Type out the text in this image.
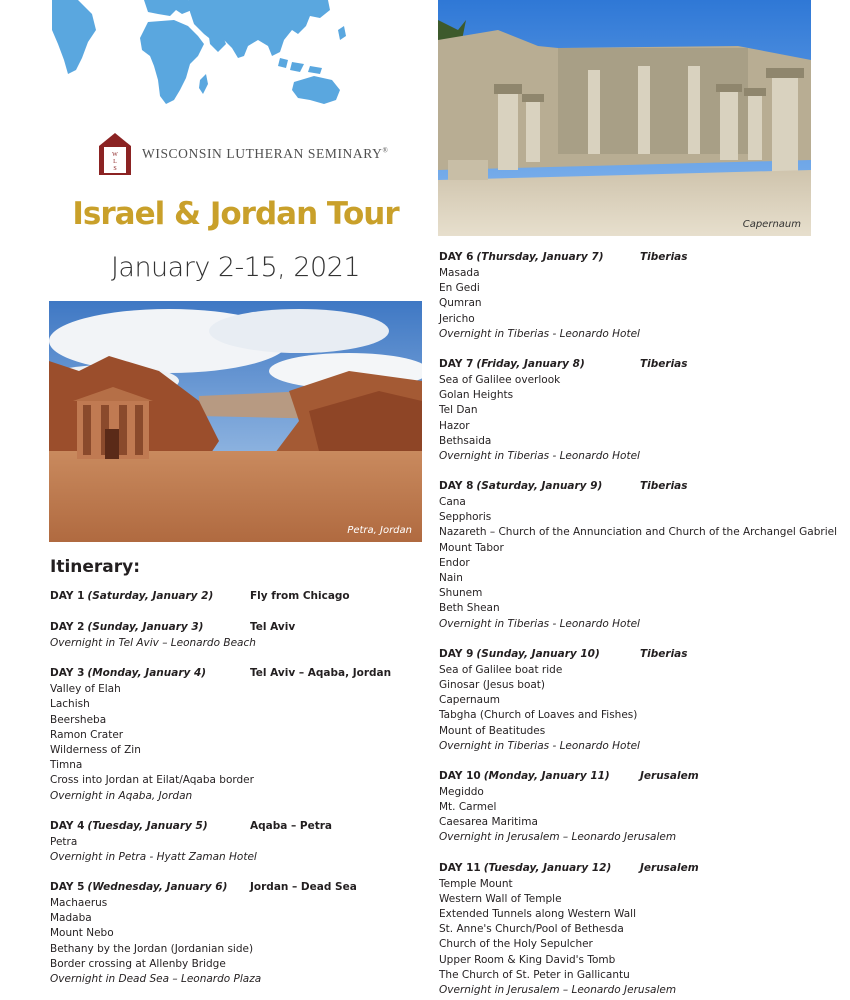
W
L
S
WISCONSIN LUTHERAN SEMINARY®
Israel & Jordan Tour
January 2-15, 2021
Petra, Jordan
Capernaum
Itinerary:
DAY 1 (Saturday, January 2)	Fly from Chicago
DAY 2 (Sunday, January 3)	Tel Aviv
Overnight in Tel Aviv – Leonardo Beach
DAY 3 (Monday, January 4)	Tel Aviv – Aqaba, Jordan
Valley of Elah
Lachish
Beersheba
Ramon Crater
Wilderness of Zin
Timna
Cross into Jordan at Eilat/Aqaba border
Overnight in Aqaba, Jordan
DAY 4 (Tuesday, January 5)	Aqaba – Petra
Petra
Overnight in Petra - Hyatt Zaman Hotel
DAY 5 (Wednesday, January 6) Jordan – Dead Sea
Machaerus
Madaba
Mount Nebo
Bethany by the Jordan (Jordanian side)
Border crossing at Allenby Bridge
Overnight in Dead Sea – Leonardo Plaza
DAY 6 (Thursday, January 7)	Tiberias
Masada
En Gedi
Qumran
Jericho
Overnight in Tiberias - Leonardo Hotel
DAY 7 (Friday, January 8)	Tiberias
Sea of Galilee overlook
Golan Heights
Tel Dan
Hazor
Bethsaida
Overnight in Tiberias - Leonardo Hotel
DAY 8 (Saturday, January 9)	Tiberias
Cana
Sepphoris
Nazareth – Church of the Annunciation and Church of the Archangel Gabriel
Mount Tabor
Endor
Nain
Shunem
Beth Shean
Overnight in Tiberias - Leonardo Hotel
DAY 9 (Sunday, January 10)	Tiberias
Sea of Galilee boat ride
Ginosar (Jesus boat)
Capernaum
Tabgha (Church of Loaves and Fishes)
Mount of Beatitudes
Overnight in Tiberias - Leonardo Hotel
DAY 10 (Monday, January 11)	Jerusalem
Megiddo
Mt. Carmel
Caesarea Maritima
Overnight in Jerusalem – Leonardo Jerusalem
DAY 11 (Tuesday, January 12)	Jerusalem
Temple Mount
Western Wall of Temple
Extended Tunnels along Western Wall
St. Anne's Church/Pool of Bethesda
Church of the Holy Sepulcher
Upper Room & King David's Tomb
The Church of St. Peter in Gallicantu
Overnight in Jerusalem – Leonardo Jerusalem
